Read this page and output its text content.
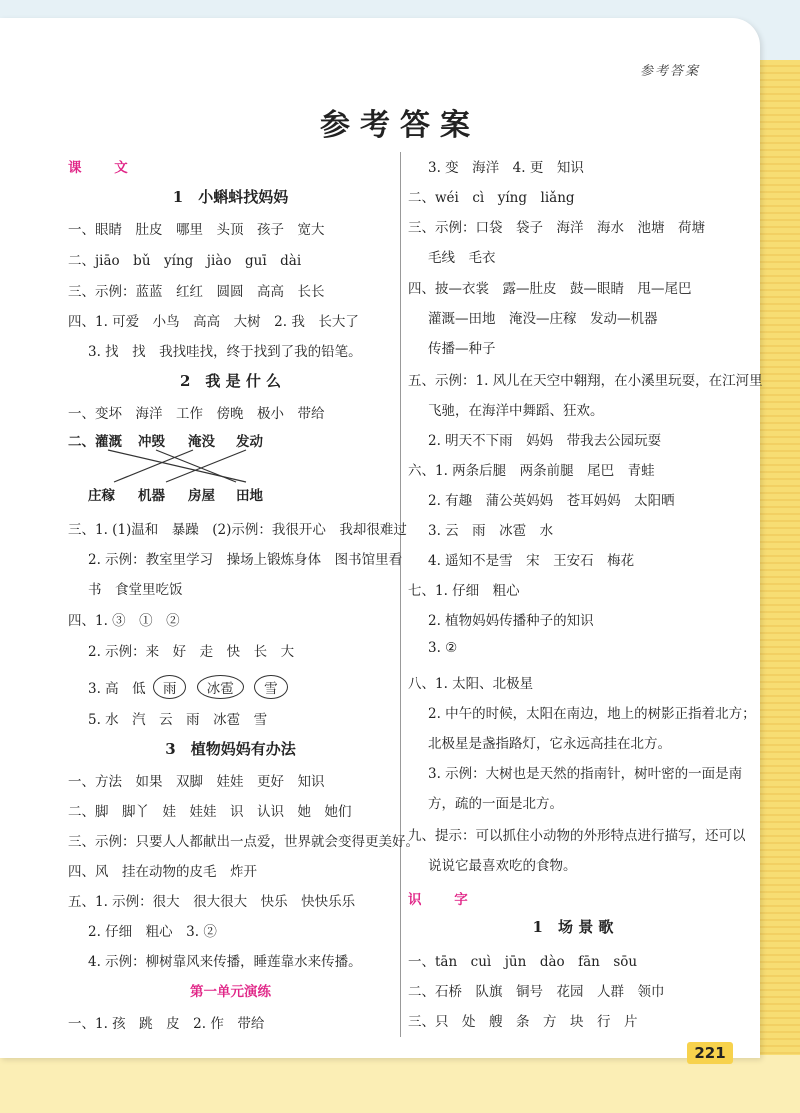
参考答案
参考答案
课 文
1　小蝌蚪找妈妈
一、眼睛　肚皮　哪里　头顶　孩子　宽大
二、jiāo　bǔ　yíng　jiào　guī　dài
三、示例：蓝蓝　红红　圆圆　高高　长长
四、1. 可爱　小鸟　高高　大树　2. 我　长大了
3. 找　找　我找哇找，终于找到了我的铅笔。
2　我 是 什 么
一、变坏　海洋　工作　傍晚　极小　带给
二、灌溉 冲毁 淹没 发动
庄稼 机器 房屋 田地
三、1. (1)温和　暴躁　(2)示例：我很开心　我却很难过
2. 示例：教室里学习　操场上锻炼身体　图书馆里看
书　食堂里吃饭
四、1. ③　①　②
2. 示例：来　好　走　快　长　大
3. 高　低 雨 冰雹 雪
5. 水　汽　云　雨　冰雹　雪
3　植物妈妈有办法
一、方法　如果　双脚　娃娃　更好　知识
二、脚　脚丫　娃　娃娃　识　认识　她　她们
三、示例：只要人人都献出一点爱，世界就会变得更美好。
四、风　挂在动物的皮毛　炸开
五、1. 示例：很大　很大很大　快乐　快快乐乐
2. 仔细　粗心　3. ②
4. 示例：柳树靠风来传播，睡莲靠水来传播。
第一单元演练
一、1. 孩　跳　皮　2. 作　带给
3. 变　海洋　4. 更　知识
二、wéi　cì　yíng　liǎng
三、示例：口袋　袋子　海洋　海水　池塘　荷塘
毛线　毛衣
四、披—衣裳　露—肚皮　鼓—眼睛　甩—尾巴
灌溉—田地　淹没—庄稼　发动—机器
传播—种子
五、示例：1. 风儿在天空中翱翔，在小溪里玩耍，在江河里
飞驰，在海洋中舞蹈、狂欢。
2. 明天不下雨　妈妈　带我去公园玩耍
六、1. 两条后腿　两条前腿　尾巴　青蛙
2. 有趣　蒲公英妈妈　苍耳妈妈　太阳晒
3. 云　雨　冰雹　水
4. 遥知不是雪　宋　王安石　梅花
七、1. 仔细　粗心
2. 植物妈妈传播种子的知识
3. ②
八、1. 太阳、北极星
2. 中午的时候，太阳在南边，地上的树影正指着北方；
北极星是盏指路灯，它永远高挂在北方。
3. 示例：大树也是天然的指南针，树叶密的一面是南
方，疏的一面是北方。
九、提示：可以抓住小动物的外形特点进行描写，还可以
说说它最喜欢吃的食物。
识 字
1　场 景 歌
一、tān　cuì　jūn　dào　fān　sōu
二、石桥　队旗　铜号　花园　人群　领巾
三、只　处　艘　条　方　块　行　片
221
